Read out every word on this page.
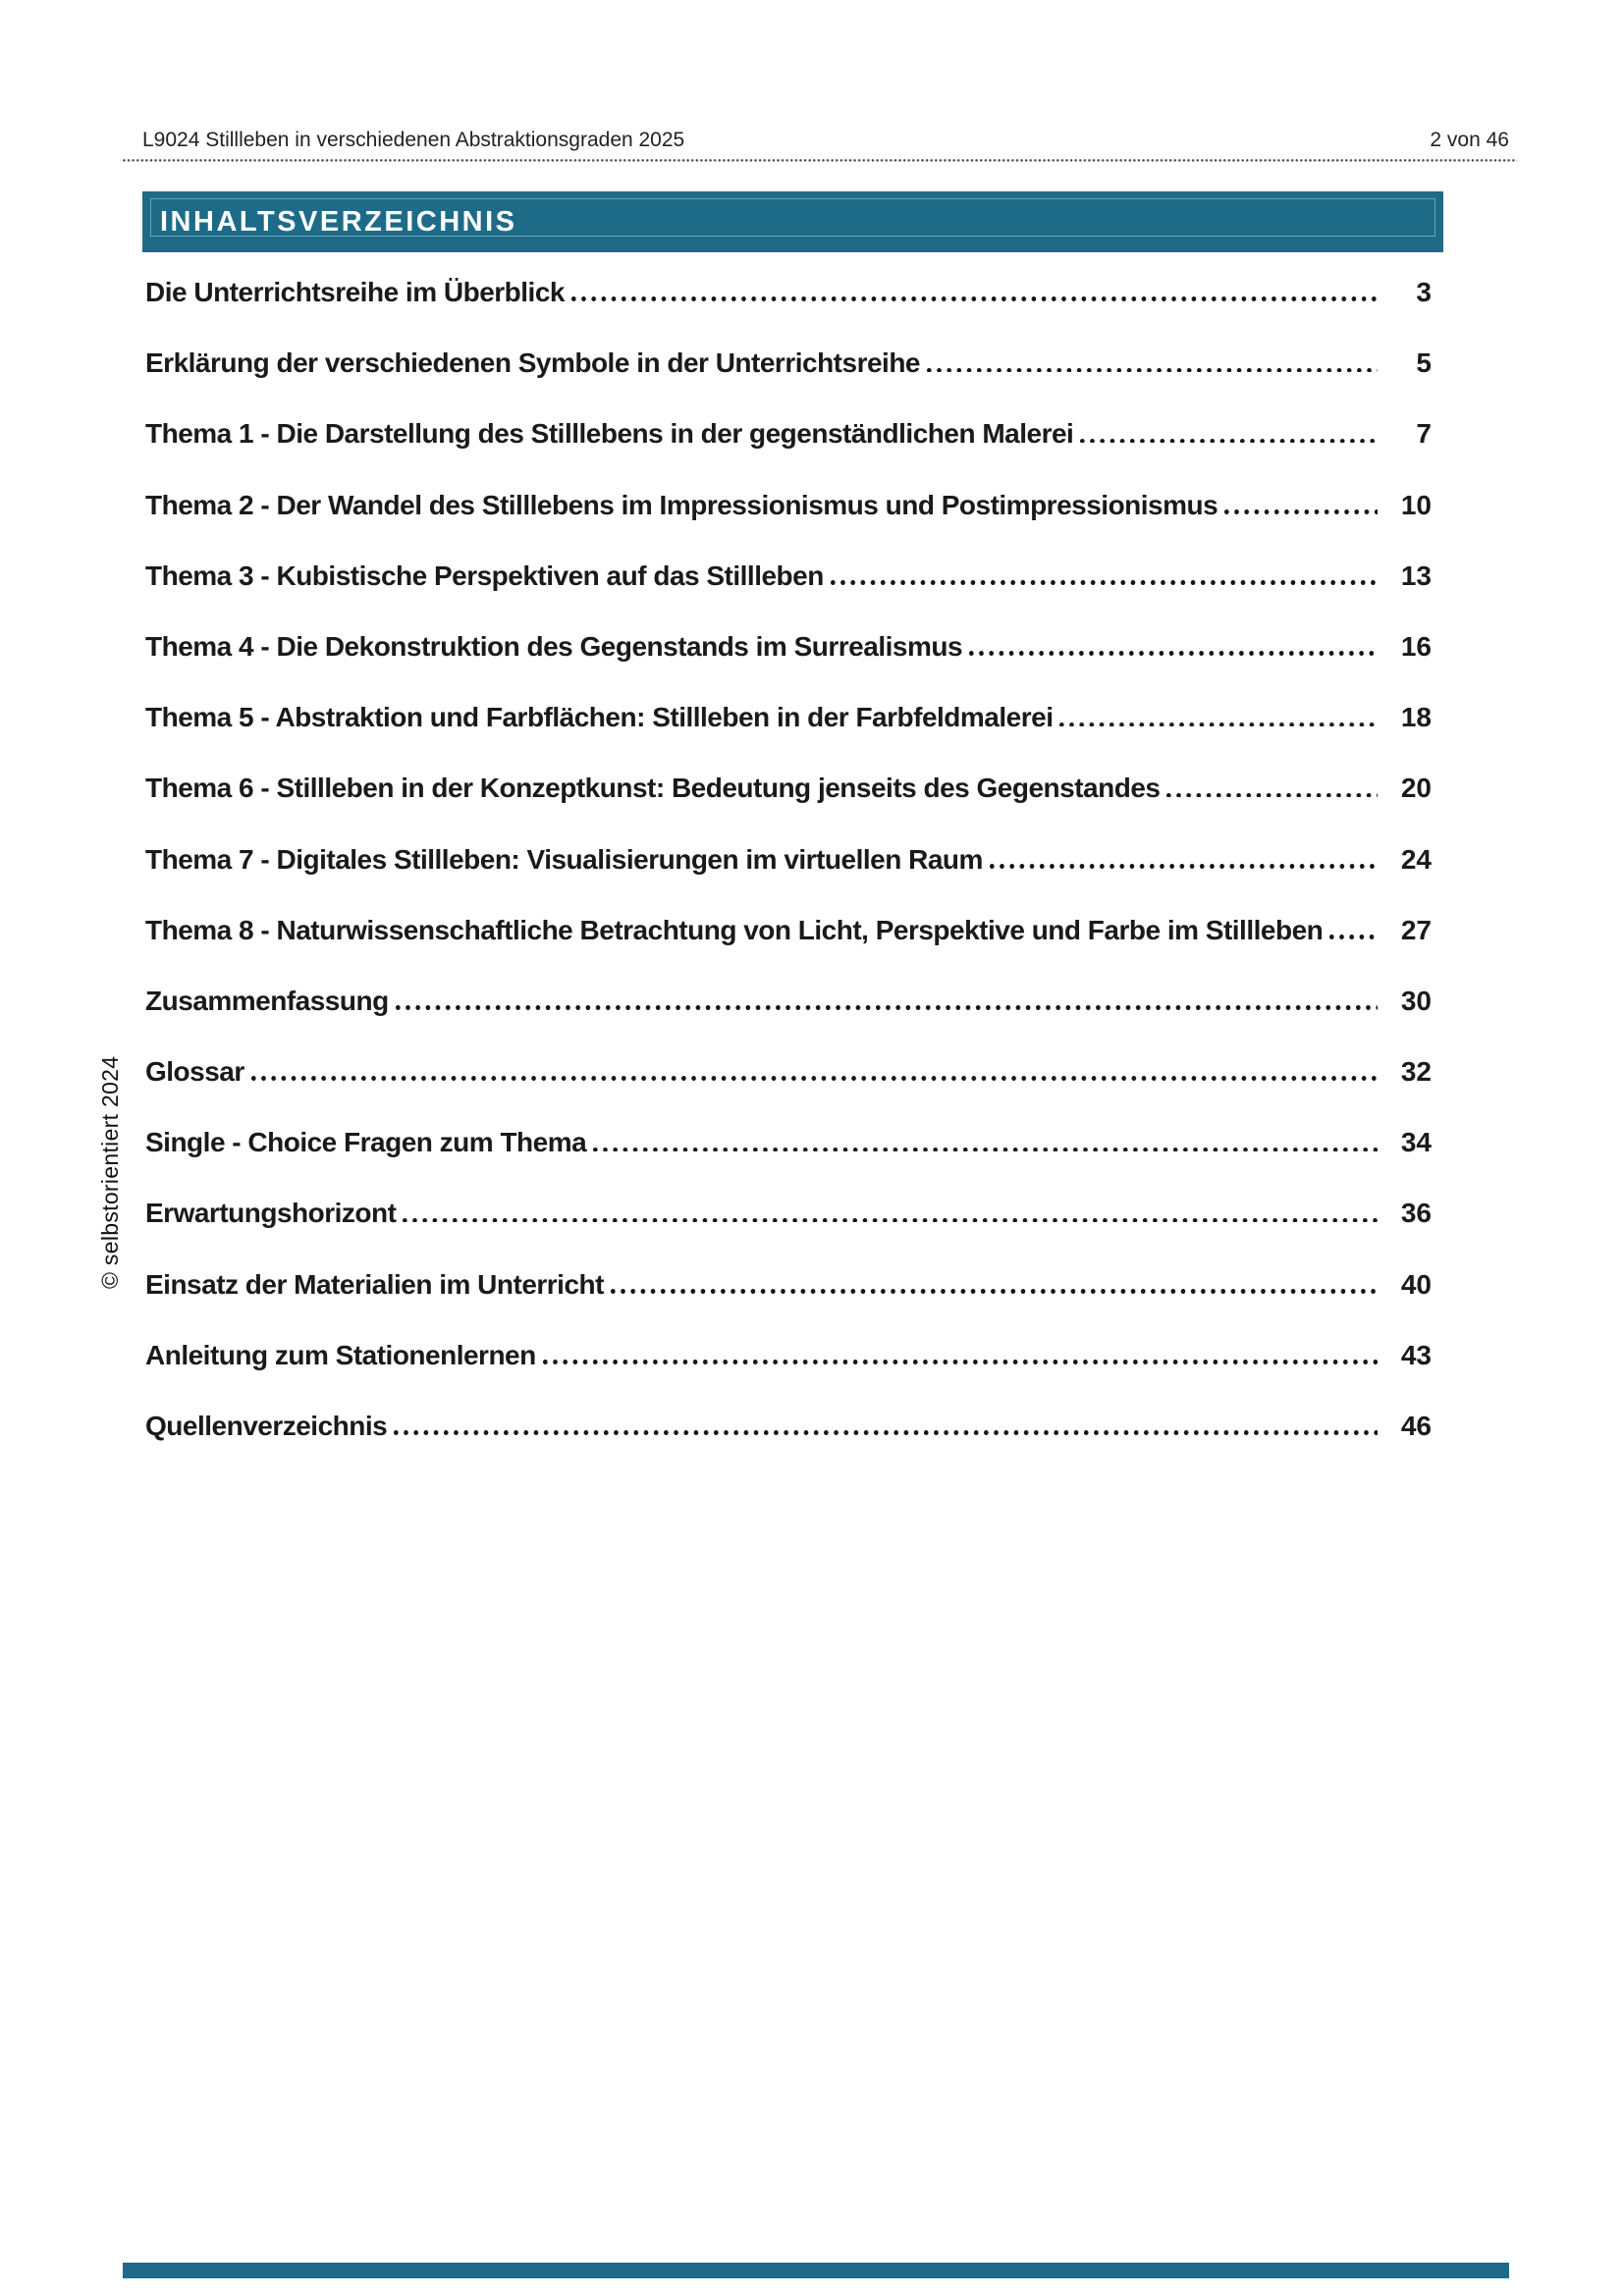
L9024 Stillleben in verschiedenen Abstraktionsgraden 2025	2 von 46
INHALTSVERZEICHNIS
Die Unterrichtsreihe im Überblick	3
Erklärung der verschiedenen Symbole in der Unterrichtsreihe	5
Thema 1 - Die Darstellung des Stilllebens in der gegenständlichen Malerei	7
Thema 2 - Der Wandel des Stilllebens im Impressionismus und Postimpressionismus	10
Thema 3 - Kubistische Perspektiven auf das Stillleben	13
Thema 4 - Die Dekonstruktion des Gegenstands im Surrealismus	16
Thema 5 - Abstraktion und Farbflächen: Stillleben in der Farbfeldmalerei	18
Thema 6 - Stillleben in der Konzeptkunst: Bedeutung jenseits des Gegenstandes	20
Thema 7 - Digitales Stillleben: Visualisierungen im virtuellen Raum	24
Thema 8 - Naturwissenschaftliche Betrachtung von Licht, Perspektive und Farbe im Stillleben	27
Zusammenfassung	30
Glossar	32
Single - Choice Fragen zum Thema	34
Erwartungshorizont	36
Einsatz der Materialien im Unterricht	40
Anleitung zum Stationenlernen	43
Quellenverzeichnis	46
© selbstorientiert 2024
